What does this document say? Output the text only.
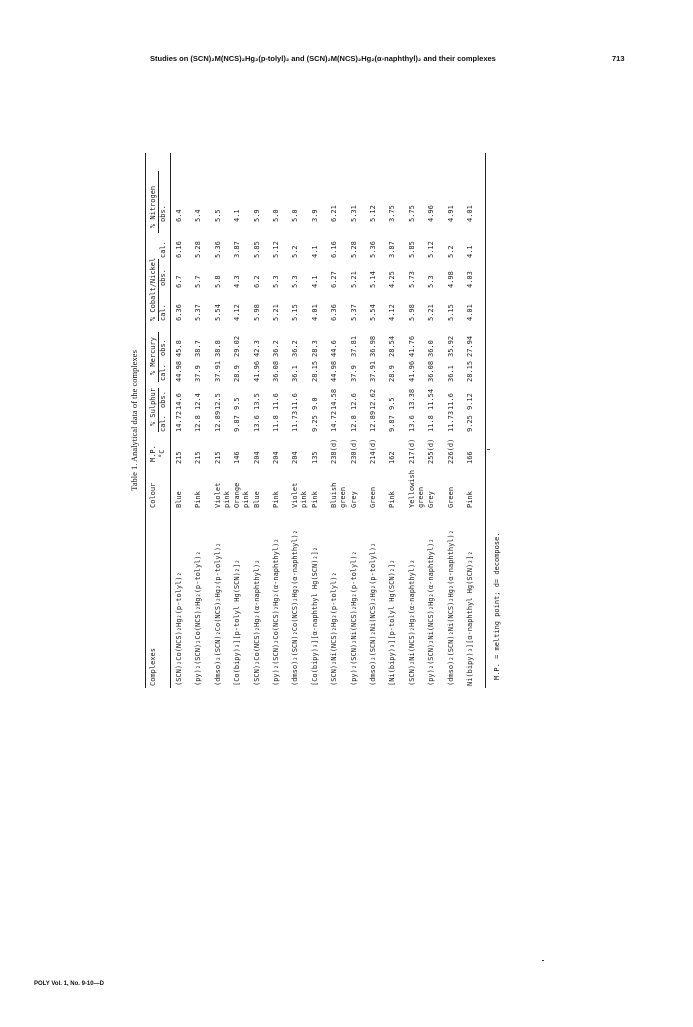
Studies on (SCN)₂M(NCS)₂Hg₂(p-tolyl)₂ and (SCN)₂M(NCS)₂Hg₂(α-naphthyl)₂ and their complexes	713
Table 1. Analytical data of the complexes
Complexes
Colour
M.P. °C
% Sulphur cal.
obs.
% Mercury cal.
obs.
% Cobalt/Nickel cal.
obs.
% Nitrogen
cal.
obs.
(SCN)₂Co(NCS)₂Hg₂(p-tolyl)₂
Blue
215
14.72
14.6
44.98
45.8
6.36
6.7
6.16
6.4
(py)₂(SCN)₂Co(NCS)₂Hg₂(p-tolyl)₂
Pink
215
12.8
12.4
37.9
38.7
5.37
5.7
5.28
5.4
(dmso)₂(SCN)₂Co(NCS)₂Hg₂(p-tolyl)₂
Violet pink
215
12.89
12.5
37.91
38.8
5.54
5.8
5.36
5.5
[Co(bipy)₃][p-tolyl Hg(SCN)₂]₂
Orange pink
146
9.87
9.5
28.9
29.02
4.12
4.3
3.87
4.1
(SCN)₂Co(NCS)₂Hg₂(α-naphthyl)₂
Blue
204
13.6
13.5
41.96
42.3
5.98
6.2
5.85
5.9
(py)₂(SCN)₂Co(NCS)₂Hg₂(α-naphthyl)₂
Pink
204
11.8
11.6
36.08
36.2
5.21
5.3
5.12
5.0
(dmso)₂(SCN)₂Co(NCS)₂Hg₂(α-naphthyl)₂
Violet pink
204
11.73
11.6
36.1
36.2
5.15
5.3
5.2
5.0
[Co(bipy)₃][α-naphthyl Hg(SCN)₂]₂
Pink
135
9.25
9.0
28.15
28.3
4.01
4.1
4.1
3.9
(SCN)₂Ni(NCS)₂Hg₂(p-tolyl)₂
Bluish green
238(d)
14.72
14.58
44.98
44.6
6.36
6.27
6.16
6.21
(py)₂(SCN)₂Ni(NCS)₂Hg₂(p-tolyl)₂
Grey
230(d)
12.8
12.6
37.9
37.81
5.37
5.21
5.28
5.31
(dmso)₂(SCN)₂Ni(NCS)₂Hg₂(p-tolyl)₂
Green
214(d)
12.89
12.62
37.91
36.98
5.54
5.14
5.36
5.12
[Ni(bipy)₃][p-tolyl Hg(SCN)₂]₂
Pink
162
9.87
9.5
28.9
28.54
4.12
4.25
3.87
3.75
(SCN)₂Ni(NCS)₂Hg₂(α-naphthyl)₂
Yellowish green
217(d)
13.6
13.38
41.96
41.76
5.98
5.73
5.85
5.75
(py)₂(SCN)₂Ni(NCS)₂Hg₂(α-naphthyl)₂
Grey
255(d)
11.8
11.54
36.08
36.0
5.21
5.3
5.12
4.96
(dmso)₂(SCN)₂Ni(NCS)₂Hg₂(α-naphthyl)₂
Green
226(d)
11.73
11.6
36.1
35.92
5.15
4.98
5.2
4.91
Ni(bipy)₃][α-naphthyl Hg(SCN)₂]₂
Pink
166
9.25
9.12
28.15
27.94
4.01
4.03
4.1
4.01
M.P. = melting point; d= decompose.
POLY Vol. 1, No. 9-10—D
